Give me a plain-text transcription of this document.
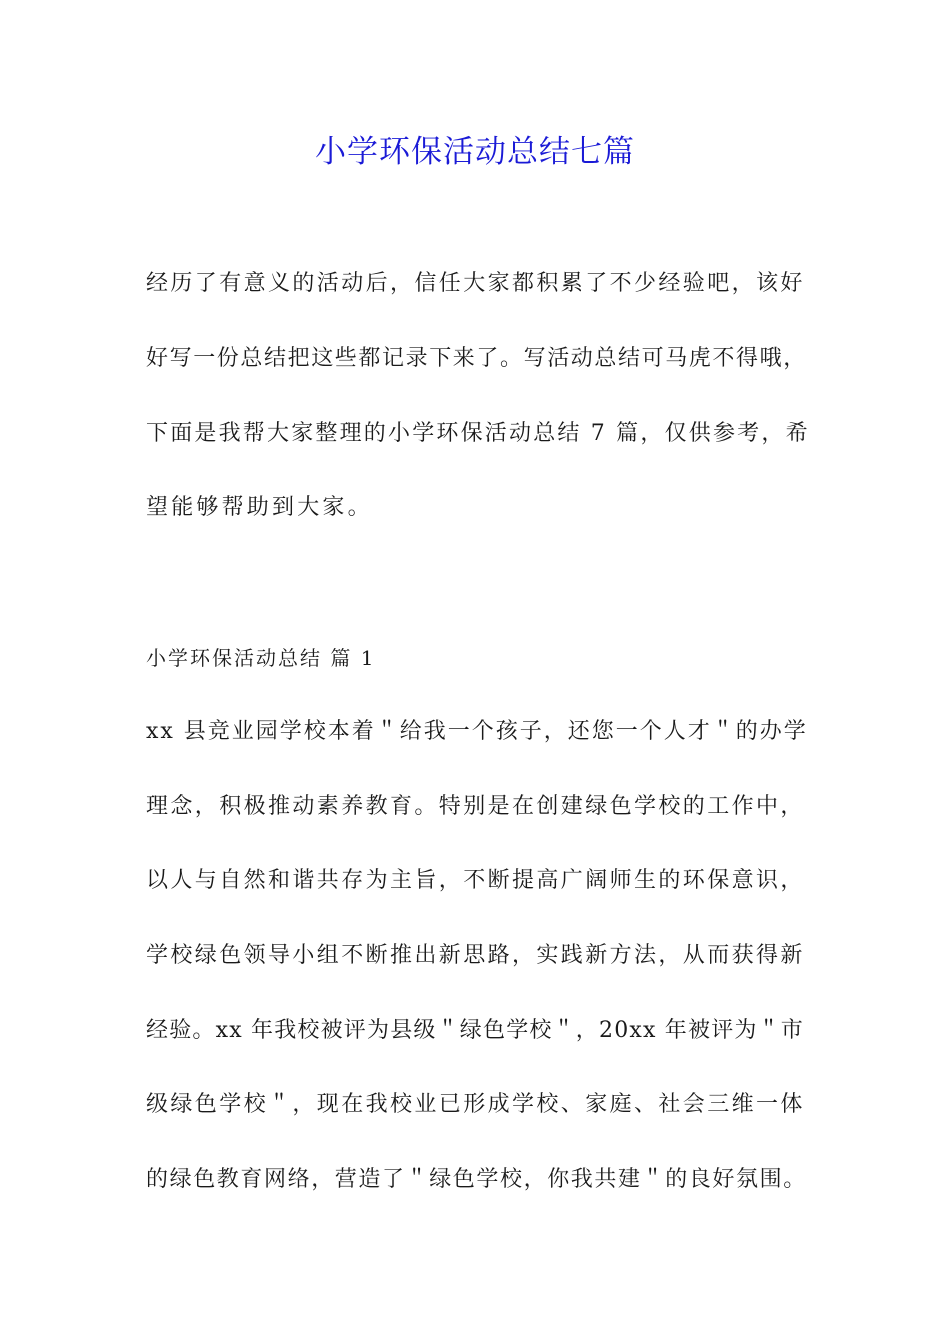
小学环保活动总结七篇
经历了有意义的活动后，信任大家都积累了不少经验吧，该好
好写一份总结把这些都记录下来了。写活动总结可马虎不得哦，
下面是我帮大家整理的小学环保活动总结 7 篇，仅供参考，希
望能够帮助到大家。
小学环保活动总结 篇 1
xx 县竞业园学校本着＂给我一个孩子，还您一个人才＂的办学
理念，积极推动素养教育。特别是在创建绿色学校的工作中，
以人与自然和谐共存为主旨，不断提高广阔师生的环保意识，
学校绿色领导小组不断推出新思路，实践新方法，从而获得新
经验。xx 年我校被评为县级＂绿色学校＂，20xx 年被评为＂市
级绿色学校＂，现在我校业已形成学校、家庭、社会三维一体
的绿色教育网络，营造了＂绿色学校，你我共建＂的良好氛围。
